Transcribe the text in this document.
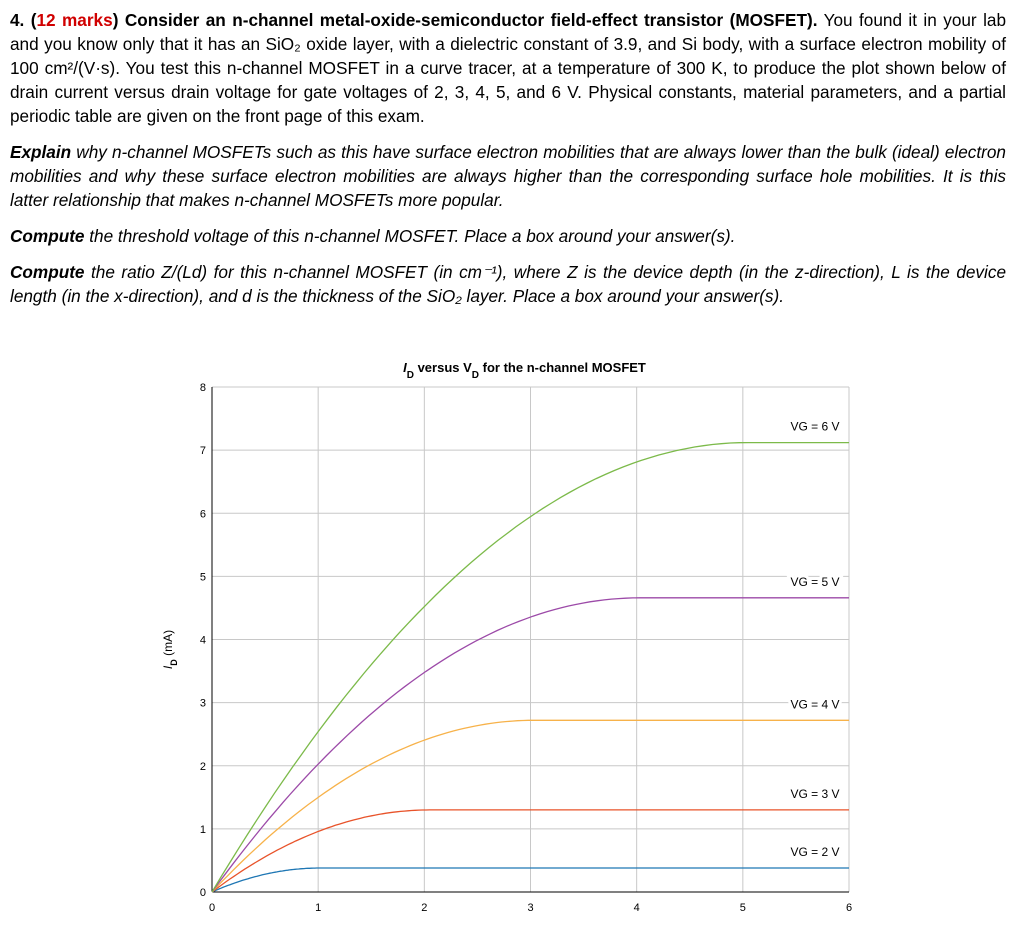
4. (12 marks) Consider an n-channel metal-oxide-semiconductor field-effect transistor (MOSFET). You found it in your lab and you know only that it has an SiO₂ oxide layer, with a dielectric constant of 3.9, and Si body, with a surface electron mobility of 100 cm²/(V·s). You test this n-channel MOSFET in a curve tracer, at a temperature of 300 K, to produce the plot shown below of drain current versus drain voltage for gate voltages of 2, 3, 4, 5, and 6 V. Physical constants, material parameters, and a partial periodic table are given on the front page of this exam.

Explain why n-channel MOSFETs such as this have surface electron mobilities that are always lower than the bulk (ideal) electron mobilities and why these surface electron mobilities are always higher than the corresponding surface hole mobilities. It is this latter relationship that makes n-channel MOSFETs more popular.

Compute the threshold voltage of this n-channel MOSFET. Place a box around your answer(s).

Compute the ratio Z/(Ld) for this n-channel MOSFET (in cm⁻¹), where Z is the device depth (in the z-direction), L is the device length (in the x-direction), and d is the thickness of the SiO₂ layer. Place a box around your answer(s).

0	1	2	3	4	5	6
0
1
2
3
4
5
6
7
8
$I_D$ versus $V_D$ for the n-channel MOSFET
$I_D$ (mA)
VG = 2 V
VG = 3 V
VG = 4 V
VG = 5 V
VG = 6 V
